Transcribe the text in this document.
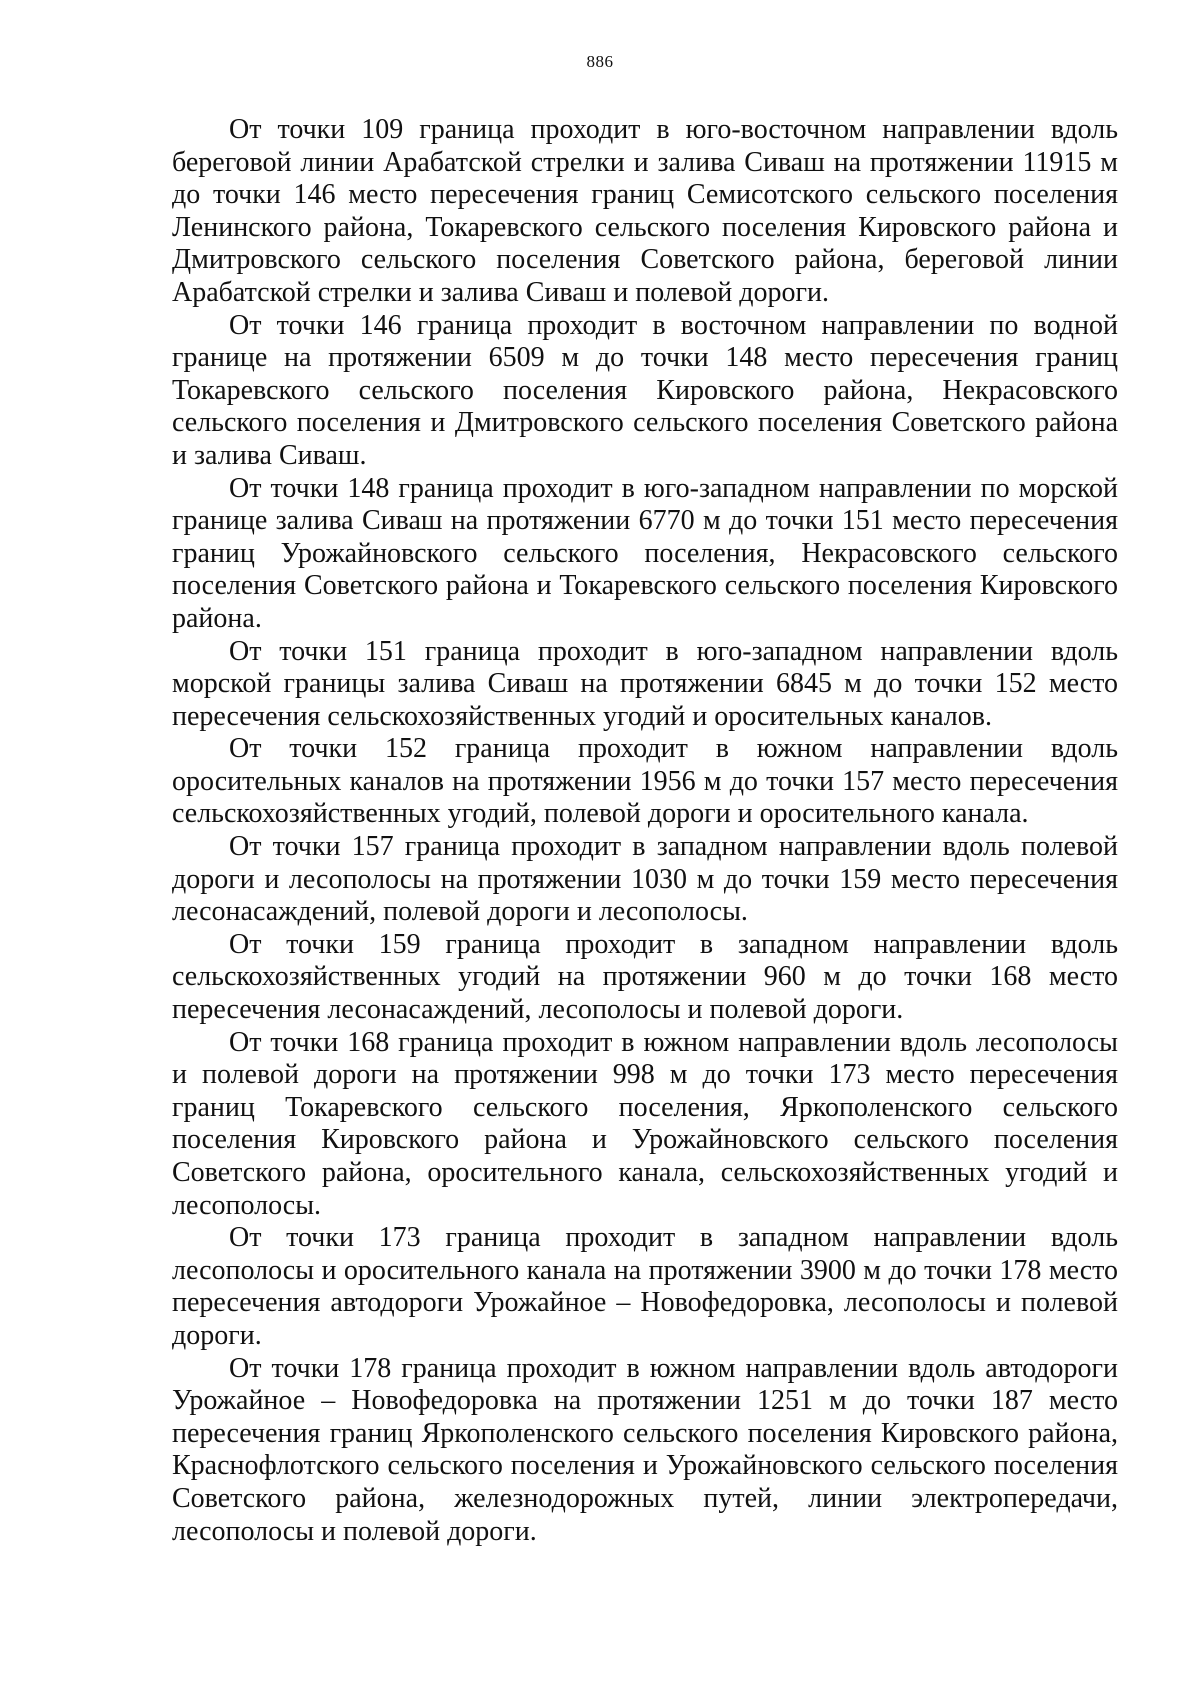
886

От точки 109 граница проходит в юго-восточном направлении вдоль береговой линии Арабатской стрелки и залива Сиваш на протяжении 11915 м до точки 146 место пересечения границ Семисотского сельского поселения Ленинского района, Токаревского сельского поселения Кировского района и Дмитровского сельского поселения Советского района, береговой линии Арабатской стрелки и залива Сиваш и полевой дороги.

От точки 146 граница проходит в восточном направлении по водной границе на протяжении 6509 м до точки 148 место пересечения границ Токаревского сельского поселения Кировского района, Некрасовского сельского поселения и Дмитровского сельского поселения Советского района и залива Сиваш.

От точки 148 граница проходит в юго-западном направлении по морской границе залива Сиваш на протяжении 6770 м до точки 151 место пересечения границ Урожайновского сельского поселения, Некрасовского сельского поселения Советского района и Токаревского сельского поселения Кировского района.

От точки 151 граница проходит в юго-западном направлении вдоль морской границы залива Сиваш на протяжении 6845 м до точки 152 место пересечения сельскохозяйственных угодий и оросительных каналов.

От точки 152 граница проходит в южном направлении вдоль оросительных каналов на протяжении 1956 м до точки 157 место пересечения сельскохозяйственных угодий, полевой дороги и оросительного канала.

От точки 157 граница проходит в западном направлении вдоль полевой дороги и лесополосы на протяжении 1030 м до точки 159 место пересечения лесонасаждений, полевой дороги и лесополосы.

От точки 159 граница проходит в западном направлении вдоль сельскохозяйственных угодий на протяжении 960 м до точки 168 место пересечения лесонасаждений, лесополосы и полевой дороги.

От точки 168 граница проходит в южном направлении вдоль лесополосы и полевой дороги на протяжении 998 м до точки 173 место пересечения границ Токаревского сельского поселения, Яркополенского сельского поселения Кировского района и Урожайновского сельского поселения Советского района, оросительного канала, сельскохозяйственных угодий и лесополосы.

От точки 173 граница проходит в западном направлении вдоль лесополосы и оросительного канала на протяжении 3900 м до точки 178 место пересечения автодороги Урожайное – Новофедоровка, лесополосы и полевой дороги.

От точки 178 граница проходит в южном направлении вдоль автодороги Урожайное – Новофедоровка на протяжении 1251 м до точки 187 место пересечения границ Яркополенского сельского поселения Кировского района, Краснофлотского сельского поселения и Урожайновского сельского поселения Советского района, железнодорожных путей, линии электропередачи, лесополосы и полевой дороги.
